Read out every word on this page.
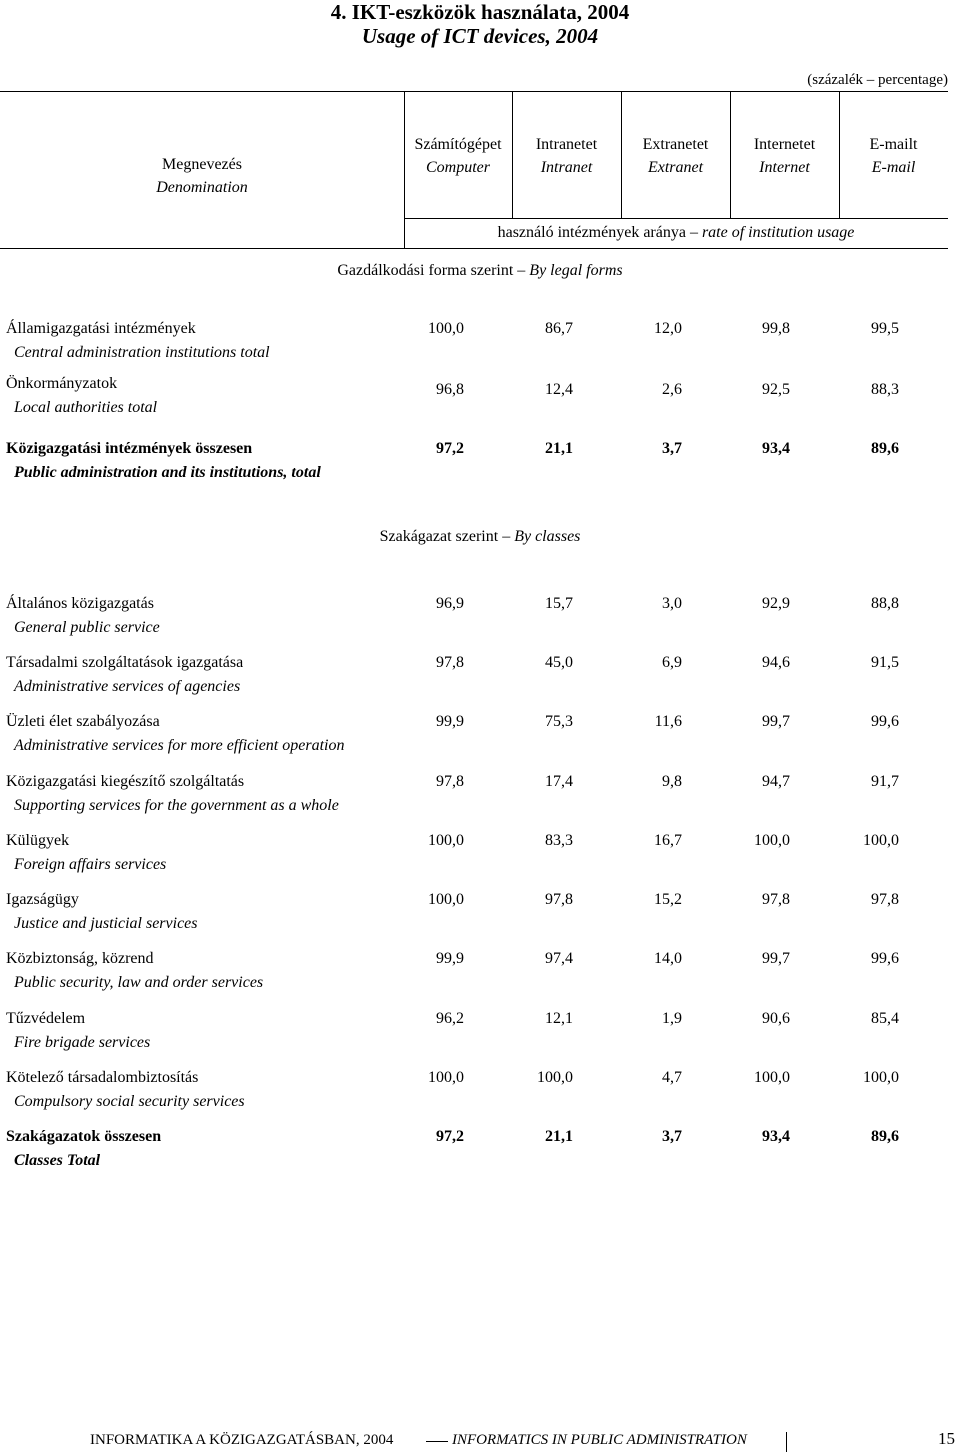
4. IKT-eszközök használata, 2004
Usage of ICT devices, 2004
(százalék – percentage)
Megnevezés
Denomination
Számítógépet
Computer
Intranetet
Intranet
Extranetet
Extranet
Internetet
Internet
E-mailt
E-mail
használó intézmények aránya – rate of institution usage
Gazdálkodási forma szerint – By legal forms
Államigazgatási intézmények
Central administration institutions total
100,0	86,7	12,0	99,8	99,5
Önkormányzatok
Local authorities total
96,8	12,4	2,6	92,5	88,3
Közigazgatási intézmények összesen
Public administration and its institutions, total
97,2	21,1	3,7	93,4	89,6
Szakágazat szerint – By classes
Általános közigazgatás
General public service
96,9	15,7	3,0	92,9	88,8
Társadalmi szolgáltatások igazgatása
Administrative services of agencies
97,8	45,0	6,9	94,6	91,5
Üzleti élet szabályozása
Administrative services for more efficient operation
99,9	75,3	11,6	99,7	99,6
Közigazgatási kiegészítő szolgáltatás
Supporting services for the government as a whole
97,8	17,4	9,8	94,7	91,7
Külügyek
Foreign affairs services
100,0	83,3	16,7	100,0	100,0
Igazságügy
Justice and justicial services
100,0	97,8	15,2	97,8	97,8
Közbiztonság, közrend
Public security, law and order services
99,9	97,4	14,0	99,7	99,6
Tűzvédelem
Fire brigade services
96,2	12,1	1,9	90,6	85,4
Kötelező társadalombiztosítás
Compulsory social security services
100,0	100,0	4,7	100,0	100,0
Szakágazatok összesen
Classes Total
97,2	21,1	3,7	93,4	89,6
INFORMATIKA A KÖZIGAZGATÁSBAN, 2004	INFORMATICS IN PUBLIC ADMINISTRATION	15
